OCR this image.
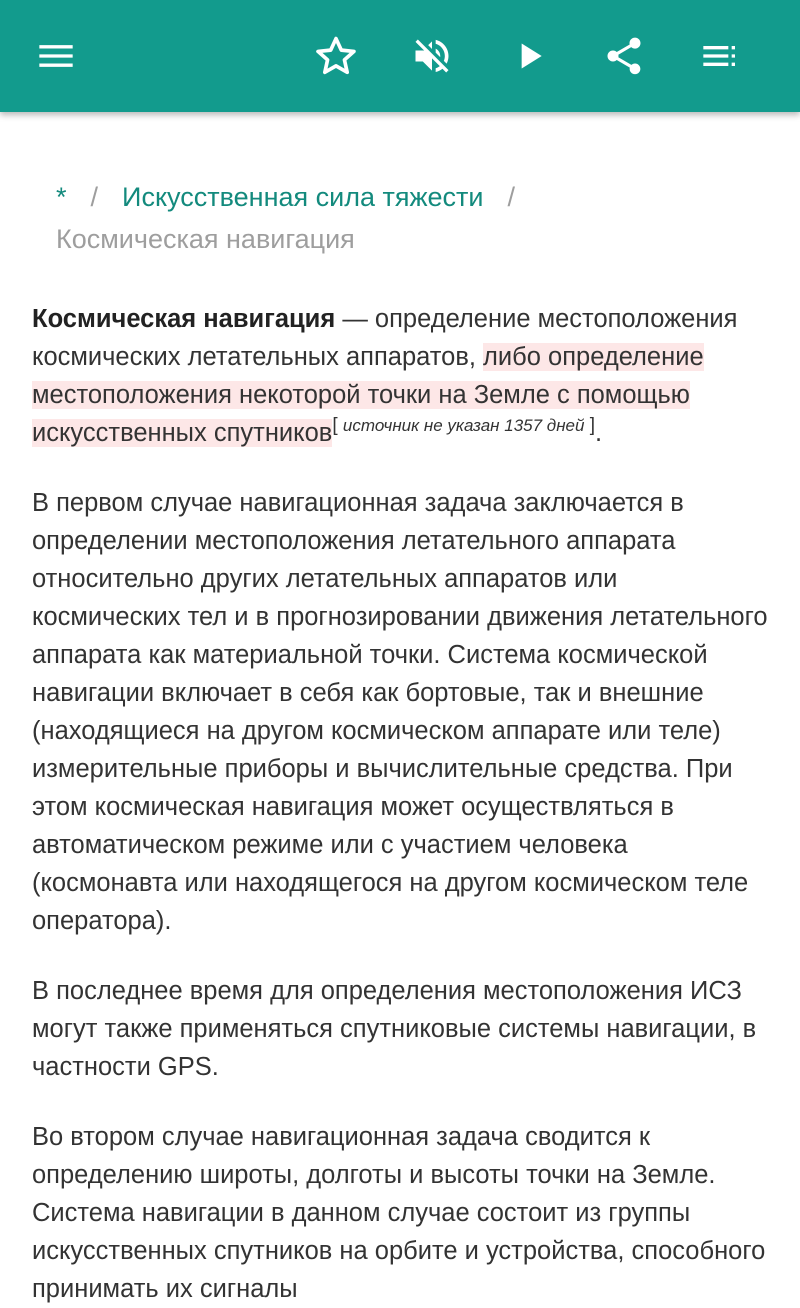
* / Искусственная сила тяжести /
Космическая навигация

Космическая навигация — определение местоположения космических летательных аппаратов, либо определение местоположения некоторой точки на Земле с помощью искусственных спутников[ источник не указан 1357 дней ].

В первом случае навигационная задача заключается в определении местоположения летательного аппарата относительно других летательных аппаратов или космических тел и в прогнозировании движения летательного аппарата как материальной точки. Система космической навигации включает в себя как бортовые, так и внешние (находящиеся на другом космическом аппарате или теле) измерительные приборы и вычислительные средства. При этом космическая навигация может осуществляться в автоматическом режиме или с участием человека (космонавта или находящегося на другом космическом теле оператора).

В последнее время для определения местоположения ИСЗ могут также применяться спутниковые системы навигации, в частности GPS.

Во втором случае навигационная задача сводится к определению широты, долготы и высоты точки на Земле. Система навигации в данном случае состоит из группы искусственных спутников на орбите и устройства, способного принимать их сигналы
